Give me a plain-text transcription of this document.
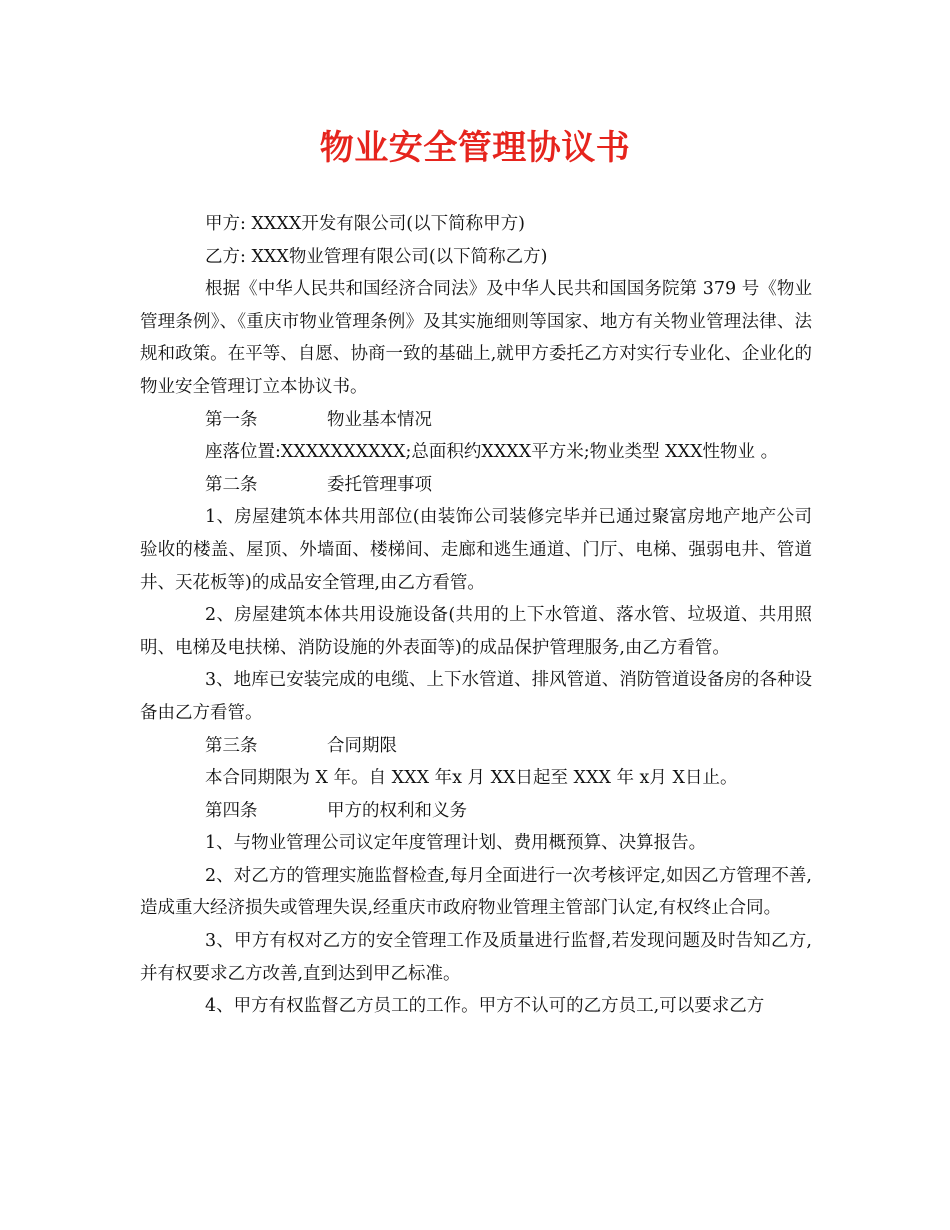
物业安全管理协议书

甲方: XXXX开发有限公司(以下简称甲方)

乙方: XXX物业管理有限公司(以下简称乙方)

根据《中华人民共和国经济合同法》及中华人民共和国国务院第 379 号《物业管理条例》、《重庆市物业管理条例》及其实施细则等国家、地方有关物业管理法律、法规和政策。在平等、自愿、协商一致的基础上,就甲方委托乙方对实行专业化、企业化的物业安全管理订立本协议书。

第一条	物业基本情况

座落位置:XXXXXXXXXX;总面积约XXXX平方米;物业类型 XXX性物业 。

第二条	委托管理事项

1、房屋建筑本体共用部位(由装饰公司装修完毕并已通过聚富房地产地产公司验收的楼盖、屋顶、外墙面、楼梯间、走廊和逃生通道、门厅、电梯、强弱电井、管道井、天花板等)的成品安全管理,由乙方看管。

2、房屋建筑本体共用设施设备(共用的上下水管道、落水管、垃圾道、共用照明、电梯及电扶梯、消防设施的外表面等)的成品保护管理服务,由乙方看管。

3、地库已安装完成的电缆、上下水管道、排风管道、消防管道设备房的各种设备由乙方看管。

第三条	合同期限

本合同期限为 X 年。自 XXX 年x 月 XX日起至 XXX 年 x月 X日止。

第四条	甲方的权利和义务

1、与物业管理公司议定年度管理计划、费用概预算、决算报告。

2、对乙方的管理实施监督检查,每月全面进行一次考核评定,如因乙方管理不善,造成重大经济损失或管理失误,经重庆市政府物业管理主管部门认定,有权终止合同。

3、甲方有权对乙方的安全管理工作及质量进行监督,若发现问题及时告知乙方,并有权要求乙方改善,直到达到甲乙标准。

4、甲方有权监督乙方员工的工作。甲方不认可的乙方员工,可以要求乙方
